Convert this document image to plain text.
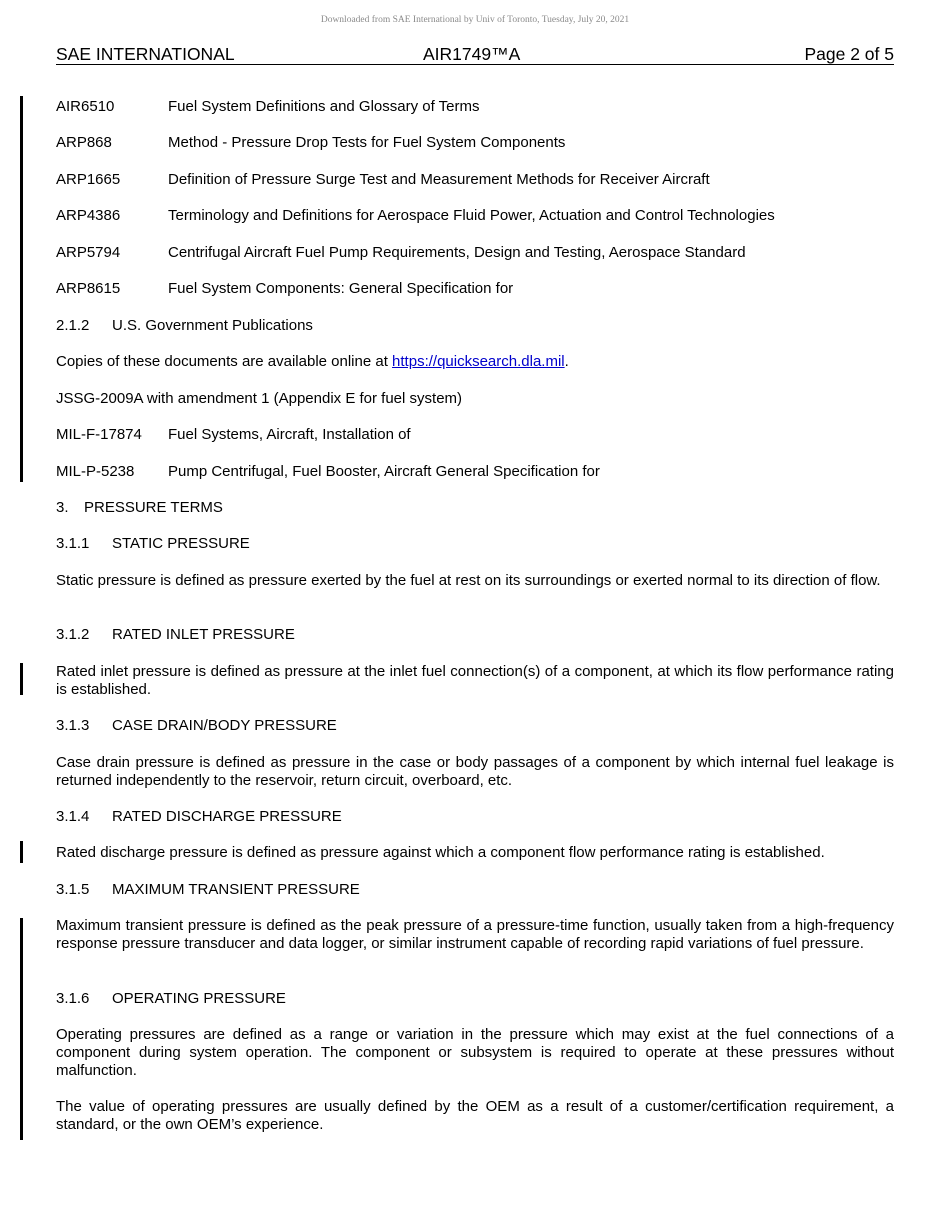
Downloaded from SAE International by Univ of Toronto, Tuesday, July 20, 2021
SAE INTERNATIONAL	AIR1749™A	Page 2 of 5
AIR6510	Fuel System Definitions and Glossary of Terms
ARP868	Method - Pressure Drop Tests for Fuel System Components
ARP1665	Definition of Pressure Surge Test and Measurement Methods for Receiver Aircraft
ARP4386	Terminology and Definitions for Aerospace Fluid Power, Actuation and Control Technologies
ARP5794	Centrifugal Aircraft Fuel Pump Requirements, Design and Testing, Aerospace Standard
ARP8615	Fuel System Components: General Specification for
2.1.2 U.S. Government Publications
Copies of these documents are available online at https://quicksearch.dla.mil.
JSSG-2009A with amendment 1 (Appendix E for fuel system)
MIL-F-17874 Fuel Systems, Aircraft, Installation of
MIL-P-5238 Pump Centrifugal, Fuel Booster, Aircraft General Specification for
3. PRESSURE TERMS
3.1.1 STATIC PRESSURE
Static pressure is defined as pressure exerted by the fuel at rest on its surroundings or exerted normal to its direction of flow.
3.1.2 RATED INLET PRESSURE
Rated inlet pressure is defined as pressure at the inlet fuel connection(s) of a component, at which its flow performance rating is established.
3.1.3 CASE DRAIN/BODY PRESSURE
Case drain pressure is defined as pressure in the case or body passages of a component by which internal fuel leakage is returned independently to the reservoir, return circuit, overboard, etc.
3.1.4 RATED DISCHARGE PRESSURE
Rated discharge pressure is defined as pressure against which a component flow performance rating is established.
3.1.5 MAXIMUM TRANSIENT PRESSURE
Maximum transient pressure is defined as the peak pressure of a pressure-time function, usually taken from a high-frequency response pressure transducer and data logger, or similar instrument capable of recording rapid variations of fuel pressure.
3.1.6 OPERATING PRESSURE
Operating pressures are defined as a range or variation in the pressure which may exist at the fuel connections of a component during system operation. The component or subsystem is required to operate at these pressures without malfunction.
The value of operating pressures are usually defined by the OEM as a result of a customer/certification requirement, a standard, or the own OEM’s experience.
